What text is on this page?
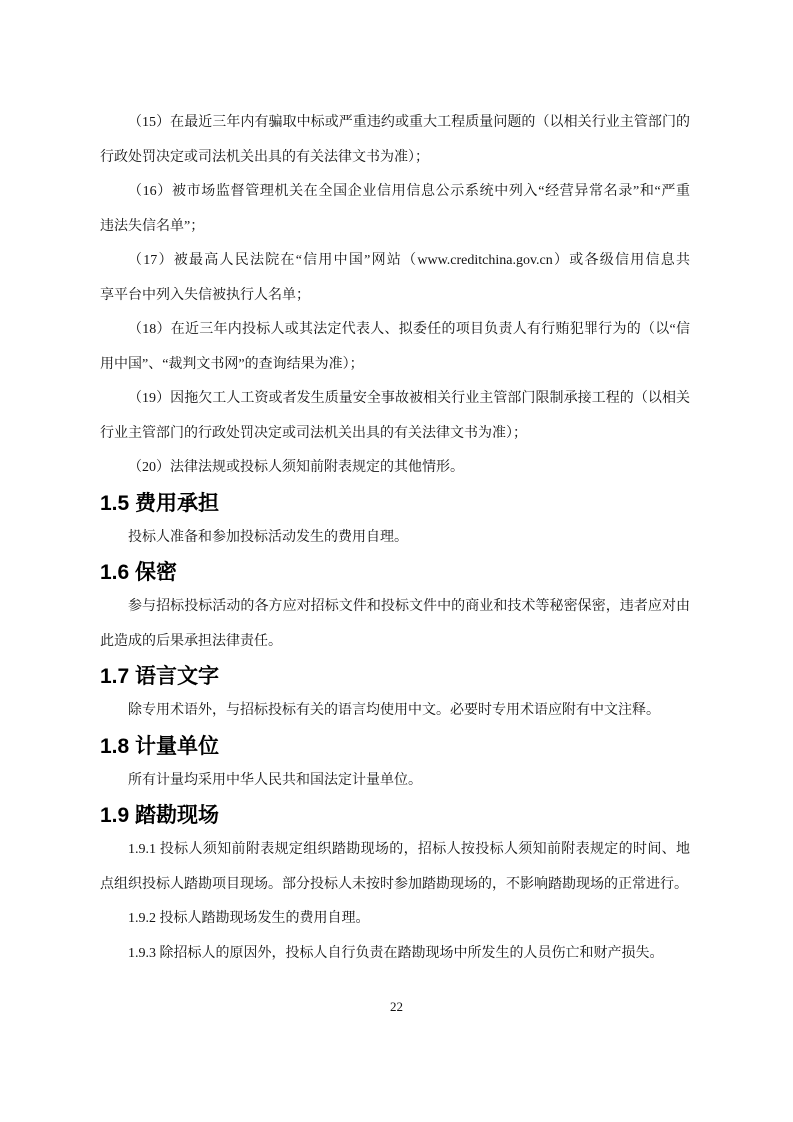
（15）在最近三年内有骗取中标或严重违约或重大工程质量问题的（以相关行业主管部门的
行政处罚决定或司法机关出具的有关法律文书为准）；
（16）被市场监督管理机关在全国企业信用信息公示系统中列入“经营异常名录”和“严重
违法失信名单”；
（17）被最高人民法院在“信用中国”网站（www.creditchina.gov.cn）或各级信用信息共
享平台中列入失信被执行人名单；
（18）在近三年内投标人或其法定代表人、拟委任的项目负责人有行贿犯罪行为的（以“信
用中国”、“裁判文书网”的查询结果为准）；
（19）因拖欠工人工资或者发生质量安全事故被相关行业主管部门限制承接工程的（以相关
行业主管部门的行政处罚决定或司法机关出具的有关法律文书为准）；
（20）法律法规或投标人须知前附表规定的其他情形。
1.5 费用承担
投标人准备和参加投标活动发生的费用自理。
1.6 保密
参与招标投标活动的各方应对招标文件和投标文件中的商业和技术等秘密保密，违者应对由
此造成的后果承担法律责任。
1.7 语言文字
除专用术语外，与招标投标有关的语言均使用中文。必要时专用术语应附有中文注释。
1.8 计量单位
所有计量均采用中华人民共和国法定计量单位。
1.9 踏勘现场
1.9.1 投标人须知前附表规定组织踏勘现场的，招标人按投标人须知前附表规定的时间、地
点组织投标人踏勘项目现场。部分投标人未按时参加踏勘现场的，不影响踏勘现场的正常进行。
1.9.2 投标人踏勘现场发生的费用自理。
1.9.3 除招标人的原因外，投标人自行负责在踏勘现场中所发生的人员伤亡和财产损失。
22
